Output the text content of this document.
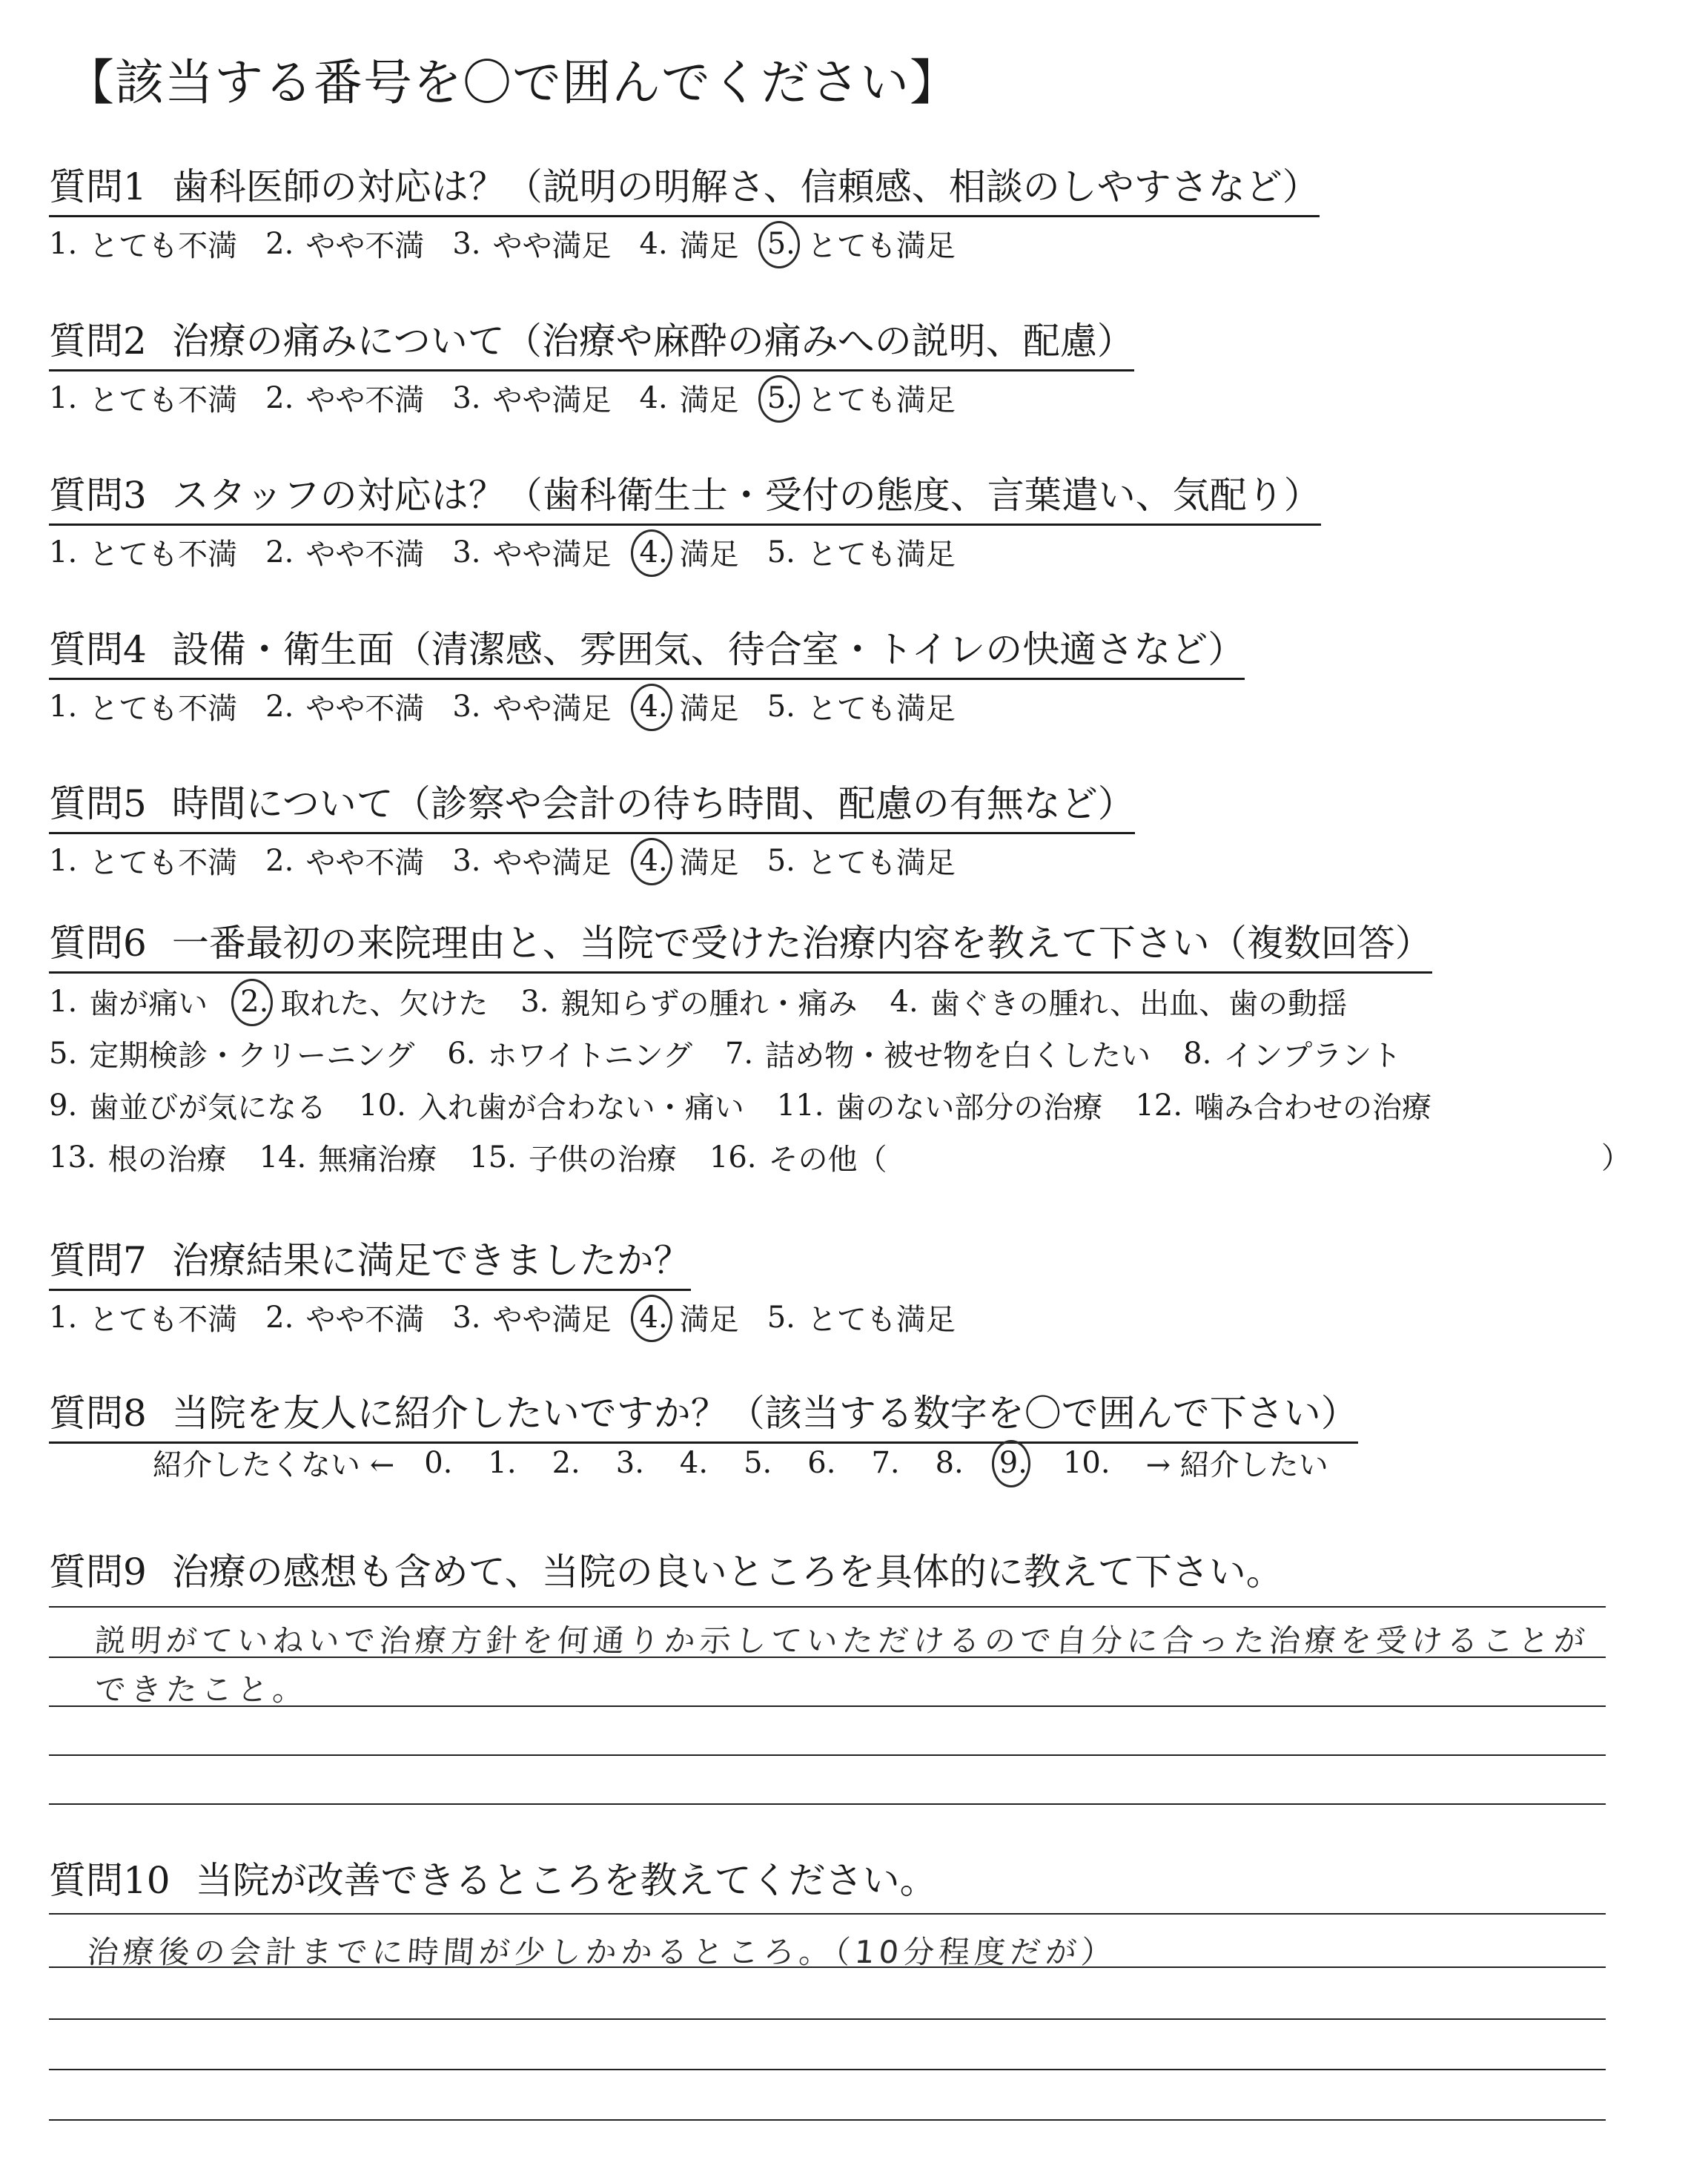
【該当する番号を〇で囲んでください】
質問1 歯科医師の対応は？（説明の明解さ、信頼感、相談のしやすさなど）
1. とても不満 2. やや不満 3. やや満足 4. 満足 5. とても満足
質問2 治療の痛みについて（治療や麻酔の痛みへの説明、配慮）
1. とても不満 2. やや不満 3. やや満足 4. 満足 5. とても満足
質問3 スタッフの対応は？（歯科衛生士・受付の態度、言葉遣い、気配り）
1. とても不満 2. やや不満 3. やや満足 4. 満足 5. とても満足
質問4 設備・衛生面（清潔感、雰囲気、待合室・トイレの快適さなど）
1. とても不満 2. やや不満 3. やや満足 4. 満足 5. とても満足
質問5 時間について（診察や会計の待ち時間、配慮の有無など）
1. とても不満 2. やや不満 3. やや満足 4. 満足 5. とても満足
質問6 一番最初の来院理由と、当院で受けた治療内容を教えて下さい（複数回答）
1. 歯が痛い 2. 取れた、欠けた 3. 親知らずの腫れ・痛み 4. 歯ぐきの腫れ、出血、歯の動揺
5. 定期検診・クリーニング 6. ホワイトニング 7. 詰め物・被せ物を白くしたい 8. インプラント
9. 歯並びが気になる 10. 入れ歯が合わない・痛い 11. 歯のない部分の治療 12. 噛み合わせの治療
13. 根の治療 14. 無痛治療 15. 子供の治療 16. その他（	）
質問7 治療結果に満足できましたか？
1. とても不満 2. やや不満 3. やや満足 4. 満足 5. とても満足
質問8 当院を友人に紹介したいですか？（該当する数字を〇で囲んで下さい）
紹介したくない ← 0. 1. 2. 3. 4. 5. 6. 7. 8. 9. 10. → 紹介したい
質問9 治療の感想も含めて、当院の良いところを具体的に教えて下さい。
説明がていねいで治療方針を何通りか示していただけるので自分に合った治療を受けることが
できたこと。
質問10 当院が改善できるところを教えてください。
治療後の会計までに時間が少しかかるところ。（10分程度だが）
